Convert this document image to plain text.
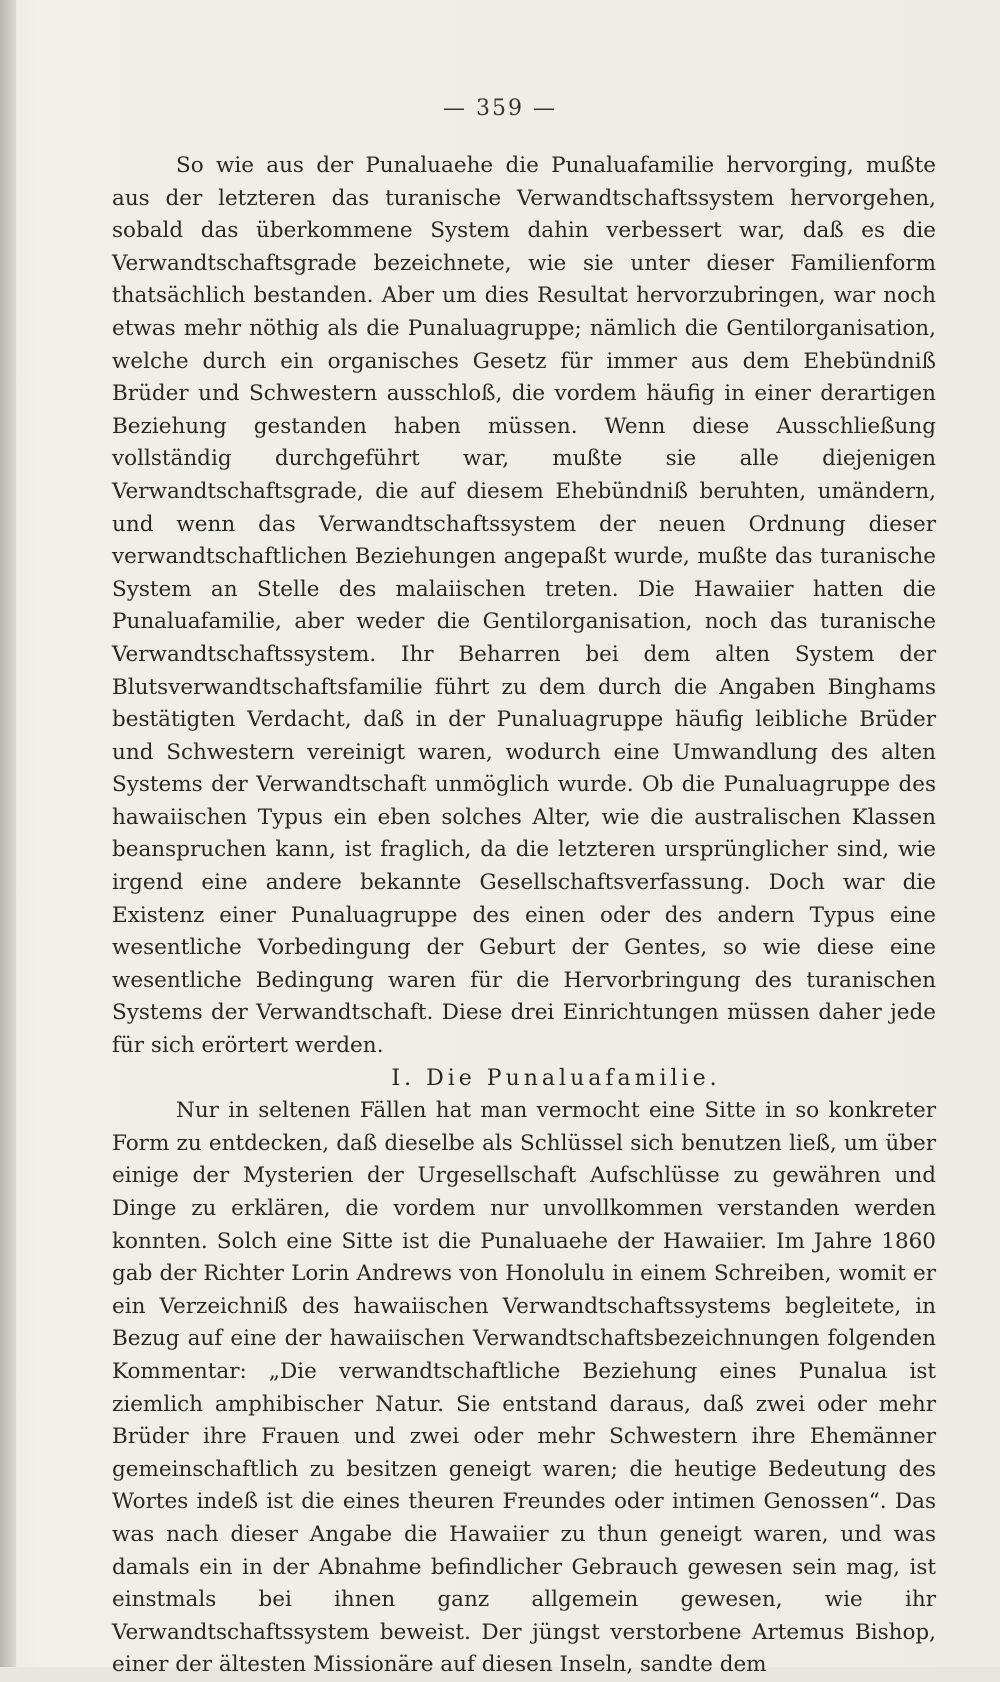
— 359 —

So wie aus der Punaluaehe die Punaluafamilie hervorging, mußte aus der letzteren das turanische Verwandtschaftssystem hervorgehen, sobald das überkommene System dahin verbessert war, daß es die Verwandtschaftsgrade bezeichnete, wie sie unter dieser Familienform thatsächlich bestanden. Aber um dies Resultat hervorzubringen, war noch etwas mehr nöthig als die Punaluagruppe; nämlich die Gentilorganisation, welche durch ein organisches Gesetz für immer aus dem Ehebündniß Brüder und Schwestern ausschloß, die vordem häufig in einer derartigen Beziehung gestanden haben müssen. Wenn diese Ausschließung vollständig durchgeführt war, mußte sie alle diejenigen Verwandtschaftsgrade, die auf diesem Ehebündniß beruhten, umändern, und wenn das Verwandtschaftssystem der neuen Ordnung dieser verwandtschaftlichen Beziehungen angepaßt wurde, mußte das turanische System an Stelle des malaiischen treten. Die Hawaiier hatten die Punaluafamilie, aber weder die Gentilorganisation, noch das turanische Verwandtschaftssystem. Ihr Beharren bei dem alten System der Blutsverwandtschaftsfamilie führt zu dem durch die Angaben Binghams bestätigten Verdacht, daß in der Punaluagruppe häufig leibliche Brüder und Schwestern vereinigt waren, wodurch eine Umwandlung des alten Systems der Verwandtschaft unmöglich wurde. Ob die Punaluagruppe des hawaiischen Typus ein eben solches Alter, wie die australischen Klassen beanspruchen kann, ist fraglich, da die letzteren ursprünglicher sind, wie irgend eine andere bekannte Gesellschaftsverfassung. Doch war die Existenz einer Punaluagruppe des einen oder des andern Typus eine wesentliche Vorbedingung der Geburt der Gentes, so wie diese eine wesentliche Bedingung waren für die Hervorbringung des turanischen Systems der Verwandtschaft. Diese drei Einrichtungen müssen daher jede für sich erörtert werden.

I. Die Punaluafamilie.

Nur in seltenen Fällen hat man vermocht eine Sitte in so konkreter Form zu entdecken, daß dieselbe als Schlüssel sich benutzen ließ, um über einige der Mysterien der Urgesellschaft Aufschlüsse zu gewähren und Dinge zu erklären, die vordem nur unvollkommen verstanden werden konnten. Solch eine Sitte ist die Punaluaehe der Hawaiier. Im Jahre 1860 gab der Richter Lorin Andrews von Honolulu in einem Schreiben, womit er ein Verzeichniß des hawaiischen Verwandtschaftssystems begleitete, in Bezug auf eine der hawaiischen Verwandtschaftsbezeichnungen folgenden Kommentar: „Die verwandtschaftliche Beziehung eines Punalua ist ziemlich amphibischer Natur. Sie entstand daraus, daß zwei oder mehr Brüder ihre Frauen und zwei oder mehr Schwestern ihre Ehemänner gemeinschaftlich zu besitzen geneigt waren; die heutige Bedeutung des Wortes indeß ist die eines theuren Freundes oder intimen Genossen“. Das was nach dieser Angabe die Hawaiier zu thun geneigt waren, und was damals ein in der Abnahme befindlicher Gebrauch gewesen sein mag, ist einstmals bei ihnen ganz allgemein gewesen, wie ihr Verwandtschaftssystem beweist. Der jüngst verstorbene Artemus Bishop, einer der ältesten Missionäre auf diesen Inseln, sandte dem
